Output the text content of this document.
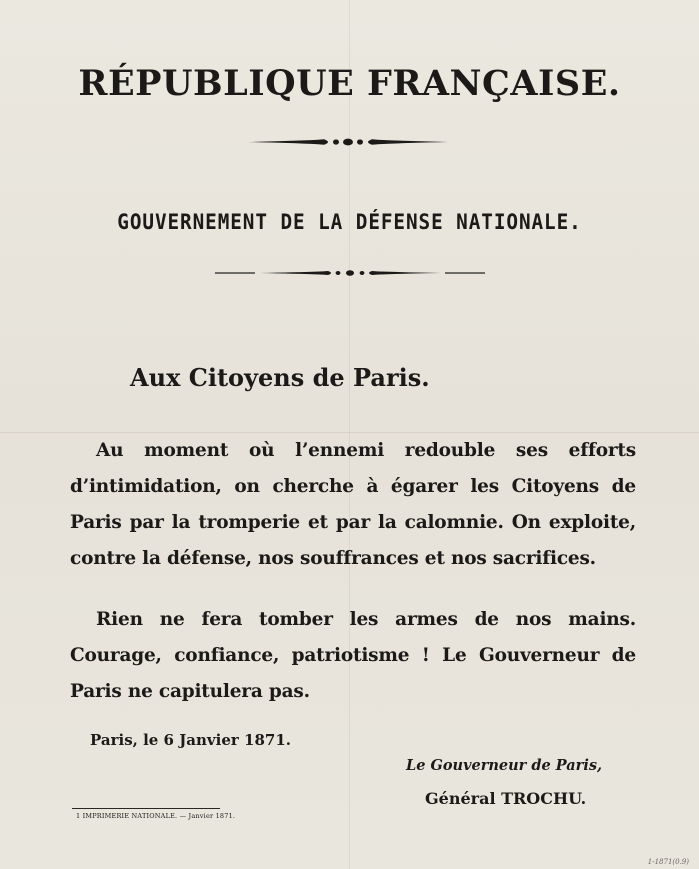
RÉPUBLIQUE FRANÇAISE.
GOUVERNEMENT DE LA DÉFENSE NATIONALE.
Aux Citoyens de Paris.
Au moment où l’ennemi redouble ses efforts d’intimidation, on cherche à égarer les Citoyens de Paris par la tromperie et par la calomnie. On exploite, contre la défense, nos souffrances et nos sacrifices.
Rien ne fera tomber les armes de nos mains. Courage, confiance, patriotisme ! Le Gouverneur de Paris ne capitulera pas.
Paris, le 6 Janvier 1871.
Le Gouverneur de Paris,
Général TROCHU.
1 IMPRIMERIE NATIONALE. — Janvier 1871.
1-1871(0.9)
